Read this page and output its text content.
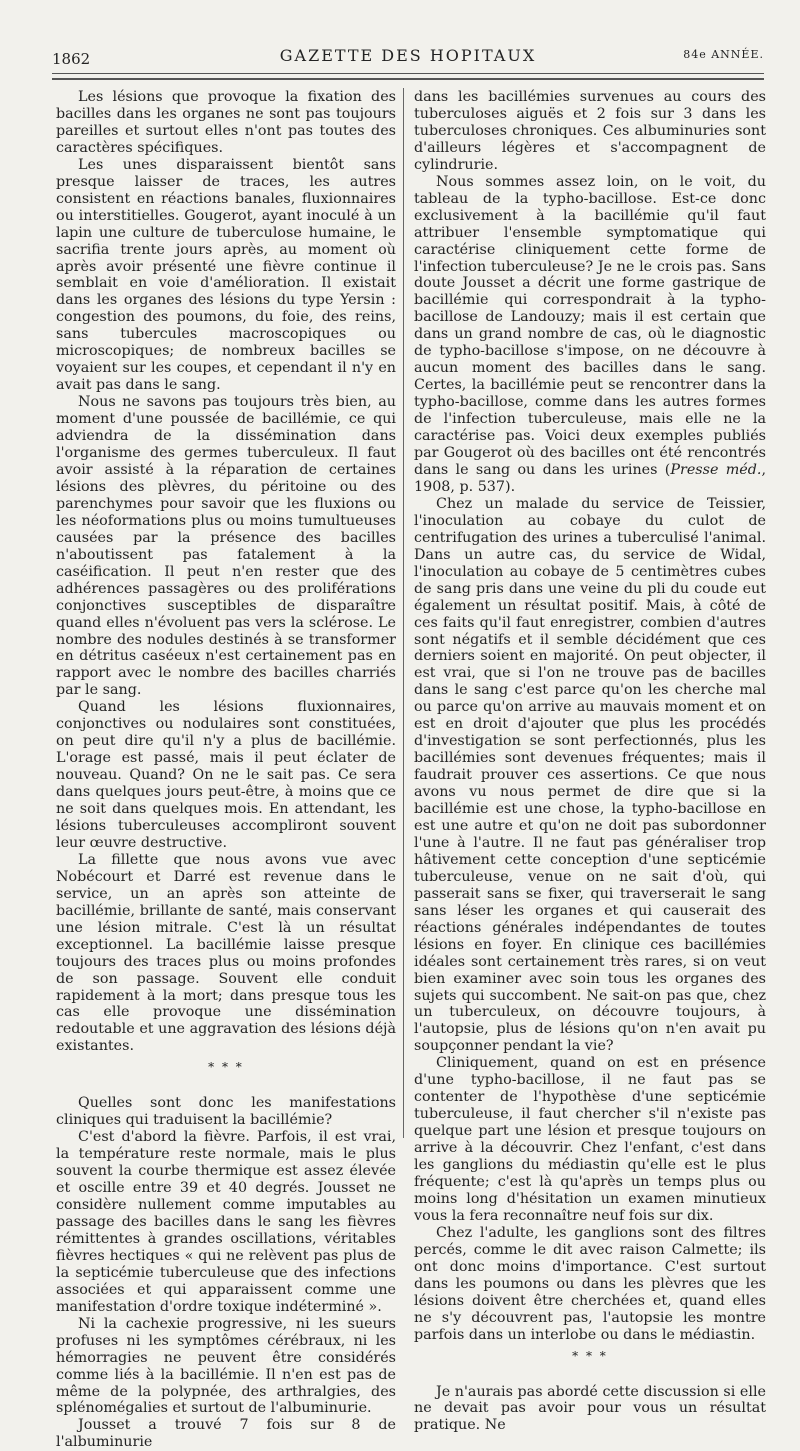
1862	GAZETTE DES HOPITAUX	84e ANNÉE.

Les lésions que provoque la fixation des bacilles dans les organes ne sont pas toujours pareilles et surtout elles n'ont pas toutes des caractères spécifiques.

Les unes disparaissent bientôt sans presque laisser de traces, les autres consistent en réactions banales, fluxionnaires ou interstitielles. Gougerot, ayant inoculé à un lapin une culture de tuberculose humaine, le sacrifia trente jours après, au moment où après avoir présenté une fièvre continue il semblait en voie d'amélioration. Il existait dans les organes des lésions du type Yersin : congestion des poumons, du foie, des reins, sans tubercules macroscopiques ou microscopiques; de nombreux bacilles se voyaient sur les coupes, et cependant il n'y en avait pas dans le sang.

Nous ne savons pas toujours très bien, au moment d'une poussée de bacillémie, ce qui adviendra de la dissémination dans l'organisme des germes tuberculeux. Il faut avoir assisté à la réparation de certaines lésions des plèvres, du péritoine ou des parenchymes pour savoir que les fluxions ou les néoformations plus ou moins tumultueuses causées par la présence des bacilles n'aboutissent pas fatalement à la caséification. Il peut n'en rester que des adhérences passagères ou des proliférations conjonctives susceptibles de disparaître quand elles n'évoluent pas vers la sclérose. Le nombre des nodules destinés à se transformer en détritus caséeux n'est certainement pas en rapport avec le nombre des bacilles charriés par le sang.

Quand les lésions fluxionnaires, conjonctives ou nodulaires sont constituées, on peut dire qu'il n'y a plus de bacillémie. L'orage est passé, mais il peut éclater de nouveau. Quand? On ne le sait pas. Ce sera dans quelques jours peut-être, à moins que ce ne soit dans quelques mois. En attendant, les lésions tuberculeuses accompliront souvent leur œuvre destructive.

La fillette que nous avons vue avec Nobécourt et Darré est revenue dans le service, un an après son atteinte de bacillémie, brillante de santé, mais conservant une lésion mitrale. C'est là un résultat exceptionnel. La bacillémie laisse presque toujours des traces plus ou moins profondes de son passage. Souvent elle conduit rapidement à la mort; dans presque tous les cas elle provoque une dissémination redoutable et une aggravation des lésions déjà existantes.

* * *

Quelles sont donc les manifestations cliniques qui traduisent la bacillémie?

C'est d'abord la fièvre. Parfois, il est vrai, la température reste normale, mais le plus souvent la courbe thermique est assez élevée et oscille entre 39 et 40 degrés. Jousset ne considère nullement comme imputables au passage des bacilles dans le sang les fièvres rémittentes à grandes oscillations, véritables fièvres hectiques « qui ne relèvent pas plus de la septicémie tuberculeuse que des infections associées et qui apparaissent comme une manifestation d'ordre toxique indéterminé ».

Ni la cachexie progressive, ni les sueurs profuses ni les symptômes cérébraux, ni les hémorragies ne peuvent être considérés comme liés à la bacillémie. Il n'en est pas de même de la polypnée, des arthralgies, des splénomégalies et surtout de l'albuminurie.

Jousset a trouvé 7 fois sur 8 de l'albuminurie

dans les bacillémies survenues au cours des tuberculoses aiguës et 2 fois sur 3 dans les tuberculoses chroniques. Ces albuminuries sont d'ailleurs légères et s'accompagnent de cylindrurie.

Nous sommes assez loin, on le voit, du tableau de la typho-bacillose. Est-ce donc exclusivement à la bacillémie qu'il faut attribuer l'ensemble symptomatique qui caractérise cliniquement cette forme de l'infection tuberculeuse? Je ne le crois pas. Sans doute Jousset a décrit une forme gastrique de bacillémie qui correspondrait à la typho-bacillose de Landouzy; mais il est certain que dans un grand nombre de cas, où le diagnostic de typho-bacillose s'impose, on ne découvre à aucun moment des bacilles dans le sang. Certes, la bacillémie peut se rencontrer dans la typho-bacillose, comme dans les autres formes de l'infection tuberculeuse, mais elle ne la caractérise pas. Voici deux exemples publiés par Gougerot où des bacilles ont été rencontrés dans le sang ou dans les urines (Presse méd., 1908, p. 537).

Chez un malade du service de Teissier, l'inoculation au cobaye du culot de centrifugation des urines a tuberculisé l'animal. Dans un autre cas, du service de Widal, l'inoculation au cobaye de 5 centimètres cubes de sang pris dans une veine du pli du coude eut également un résultat positif. Mais, à côté de ces faits qu'il faut enregistrer, combien d'autres sont négatifs et il semble décidément que ces derniers soient en majorité. On peut objecter, il est vrai, que si l'on ne trouve pas de bacilles dans le sang c'est parce qu'on les cherche mal ou parce qu'on arrive au mauvais moment et on est en droit d'ajouter que plus les procédés d'investigation se sont perfectionnés, plus les bacillémies sont devenues fréquentes; mais il faudrait prouver ces assertions. Ce que nous avons vu nous permet de dire que si la bacillémie est une chose, la typho-bacillose en est une autre et qu'on ne doit pas subordonner l'une à l'autre. Il ne faut pas généraliser trop hâtivement cette conception d'une septicémie tuberculeuse, venue on ne sait d'où, qui passerait sans se fixer, qui traverserait le sang sans léser les organes et qui causerait des réactions générales indépendantes de toutes lésions en foyer. En clinique ces bacillémies idéales sont certainement très rares, si on veut bien examiner avec soin tous les organes des sujets qui succombent. Ne sait-on pas que, chez un tuberculeux, on découvre toujours, à l'autopsie, plus de lésions qu'on n'en avait pu soupçonner pendant la vie?

Cliniquement, quand on est en présence d'une typho-bacillose, il ne faut pas se contenter de l'hypothèse d'une septicémie tuberculeuse, il faut chercher s'il n'existe pas quelque part une lésion et presque toujours on arrive à la découvrir. Chez l'enfant, c'est dans les ganglions du médiastin qu'elle est le plus fréquente; c'est là qu'après un temps plus ou moins long d'hésitation un examen minutieux vous la fera reconnaître neuf fois sur dix.

Chez l'adulte, les ganglions sont des filtres percés, comme le dit avec raison Calmette; ils ont donc moins d'importance. C'est surtout dans les poumons ou dans les plèvres que les lésions doivent être cherchées et, quand elles ne s'y découvrent pas, l'autopsie les montre parfois dans un interlobe ou dans le médiastin.

* * *

Je n'aurais pas abordé cette discussion si elle ne devait pas avoir pour vous un résultat pratique. Ne
